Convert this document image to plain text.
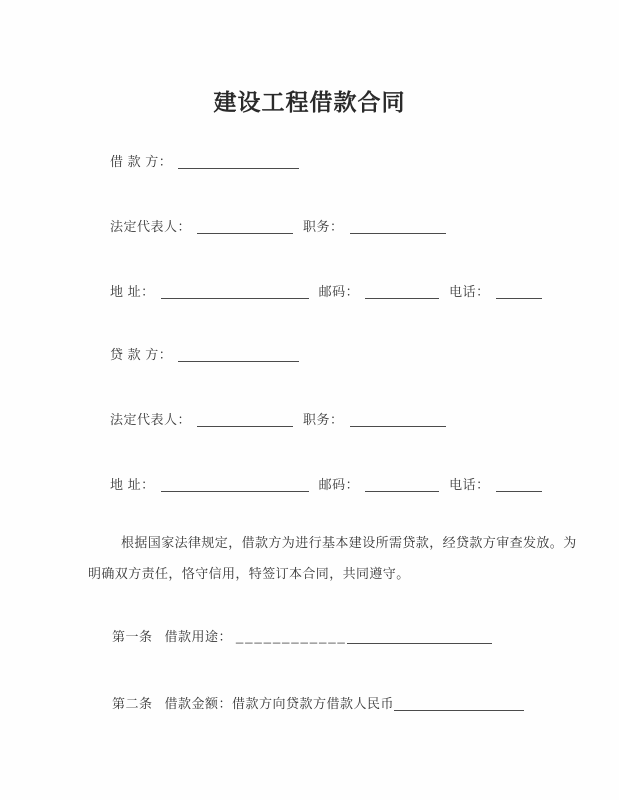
建设工程借款合同
借 款 方：
法定代表人：	职务：
地 址：	邮码：	电话：
贷 款 方：
法定代表人：	职务：
地 址：	邮码：	电话：
根据国家法律规定，借款方为进行基本建设所需贷款，经贷款方审查发放。为
明确双方责任，恪守信用，特签订本合同，共同遵守。
第一条 借款用途： ____________
第二条 借款金额：借款方向贷款方借款人民币
